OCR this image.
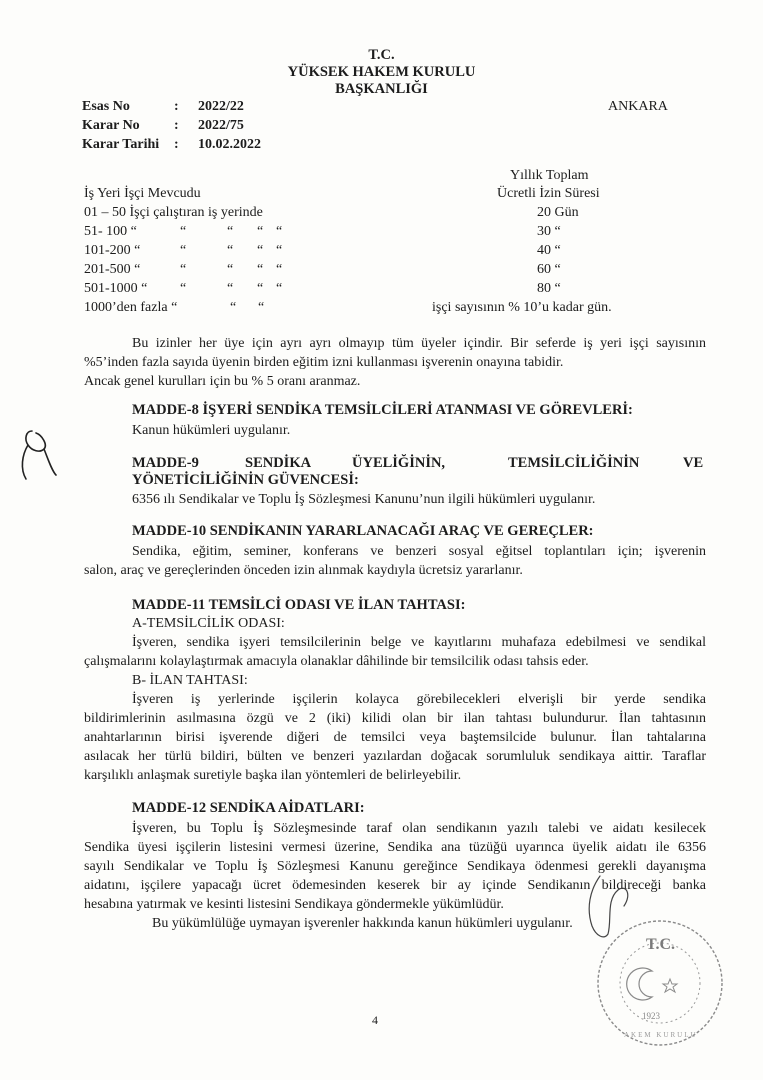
T.C.
YÜKSEK HAKEM KURULU
BAŞKANLIĞI
ANKARA
Esas No	: 2022/22
Karar No : 2022/75
Karar Tarihi : 10.02.2022
Yıllık Toplam
İş Yeri İşçi Mevcudu	Ücretli İzin Süresi
01 – 50 İşçi çalıştıran iş yerinde	20 Gün
51- 100 “	“	“ “ “	30 “
101-200 “	“	“ “ “	40 “
201-500 “	“	“ “ “	60 “
501-1000 “ “	“ “ “	80 “
1000’den fazla “	“ “	işçi sayısının % 10’u kadar gün.
Bu izinler her üye için ayrı ayrı olmayıp tüm üyeler içindir. Bir seferde iş yeri işçi sayısının
%5’inden fazla sayıda üyenin birden eğitim izni kullanması işverenin onayına tabidir.
Ancak genel kurulları için bu % 5 oranı aranmaz.
MADDE-8 İŞYERİ SENDİKA TEMSİLCİLERİ ATANMASI VE GÖREVLERİ:
Kanun hükümleri uygulanır.
MADDE-9	SENDİKA	ÜYELİĞİNİN,	TEMSİLCİLİĞİNİN	VE
YÖNETİCİLİĞİNİN GÜVENCESİ:
6356 ılı Sendikalar ve Toplu İş Sözleşmesi Kanunu’nun ilgili hükümleri uygulanır.
MADDE-10 SENDİKANIN YARARLANACAĞI ARAÇ VE GEREÇLER:
Sendika, eğitim, seminer, konferans ve benzeri sosyal eğitsel toplantıları için; işverenin
salon, araç ve gereçlerinden önceden izin alınmak kaydıyla ücretsiz yararlanır.
MADDE-11 TEMSİLCİ ODASI VE İLAN TAHTASI:
A-TEMSİLCİLİK ODASI:
İşveren, sendika işyeri temsilcilerinin belge ve kayıtlarını muhafaza edebilmesi ve sendikal
çalışmalarını kolaylaştırmak amacıyla olanaklar dâhilinde bir temsilcilik odası tahsis eder.
B- İLAN TAHTASI:
İşveren iş yerlerinde işçilerin kolayca görebilecekleri elverişli bir yerde sendika
bildirimlerinin asılmasına özgü ve 2 (iki) kilidi olan bir ilan tahtası bulundurur. İlan tahtasının
anahtarlarının birisi işverende diğeri de temsilci veya baştemsilcide bulunur. İlan tahtalarına
asılacak her türlü bildiri, bülten ve benzeri yazılardan doğacak sorumluluk sendikaya aittir. Taraflar
karşılıklı anlaşmak suretiyle başka ilan yöntemleri de belirleyebilir.
MADDE-12 SENDİKA AİDATLARI:
İşveren, bu Toplu İş Sözleşmesinde taraf olan sendikanın yazılı talebi ve aidatı kesilecek
Sendika üyesi işçilerin listesini vermesi üzerine, Sendika ana tüzüğü uyarınca üyelik aidatı ile 6356
sayılı Sendikalar ve Toplu İş Sözleşmesi Kanunu gereğince Sendikaya ödenmesi gerekli dayanışma
aidatını, işçilere yapacağı ücret ödemesinden keserek bir ay içinde Sendikanın bildireceği banka
hesabına yatırmak ve kesinti listesini Sendikaya göndermekle yükümlüdür.
Bu yükümlülüğe uymayan işverenler hakkında kanun hükümleri uygulanır.
T.C.
1923
AKEM KURULU
4
